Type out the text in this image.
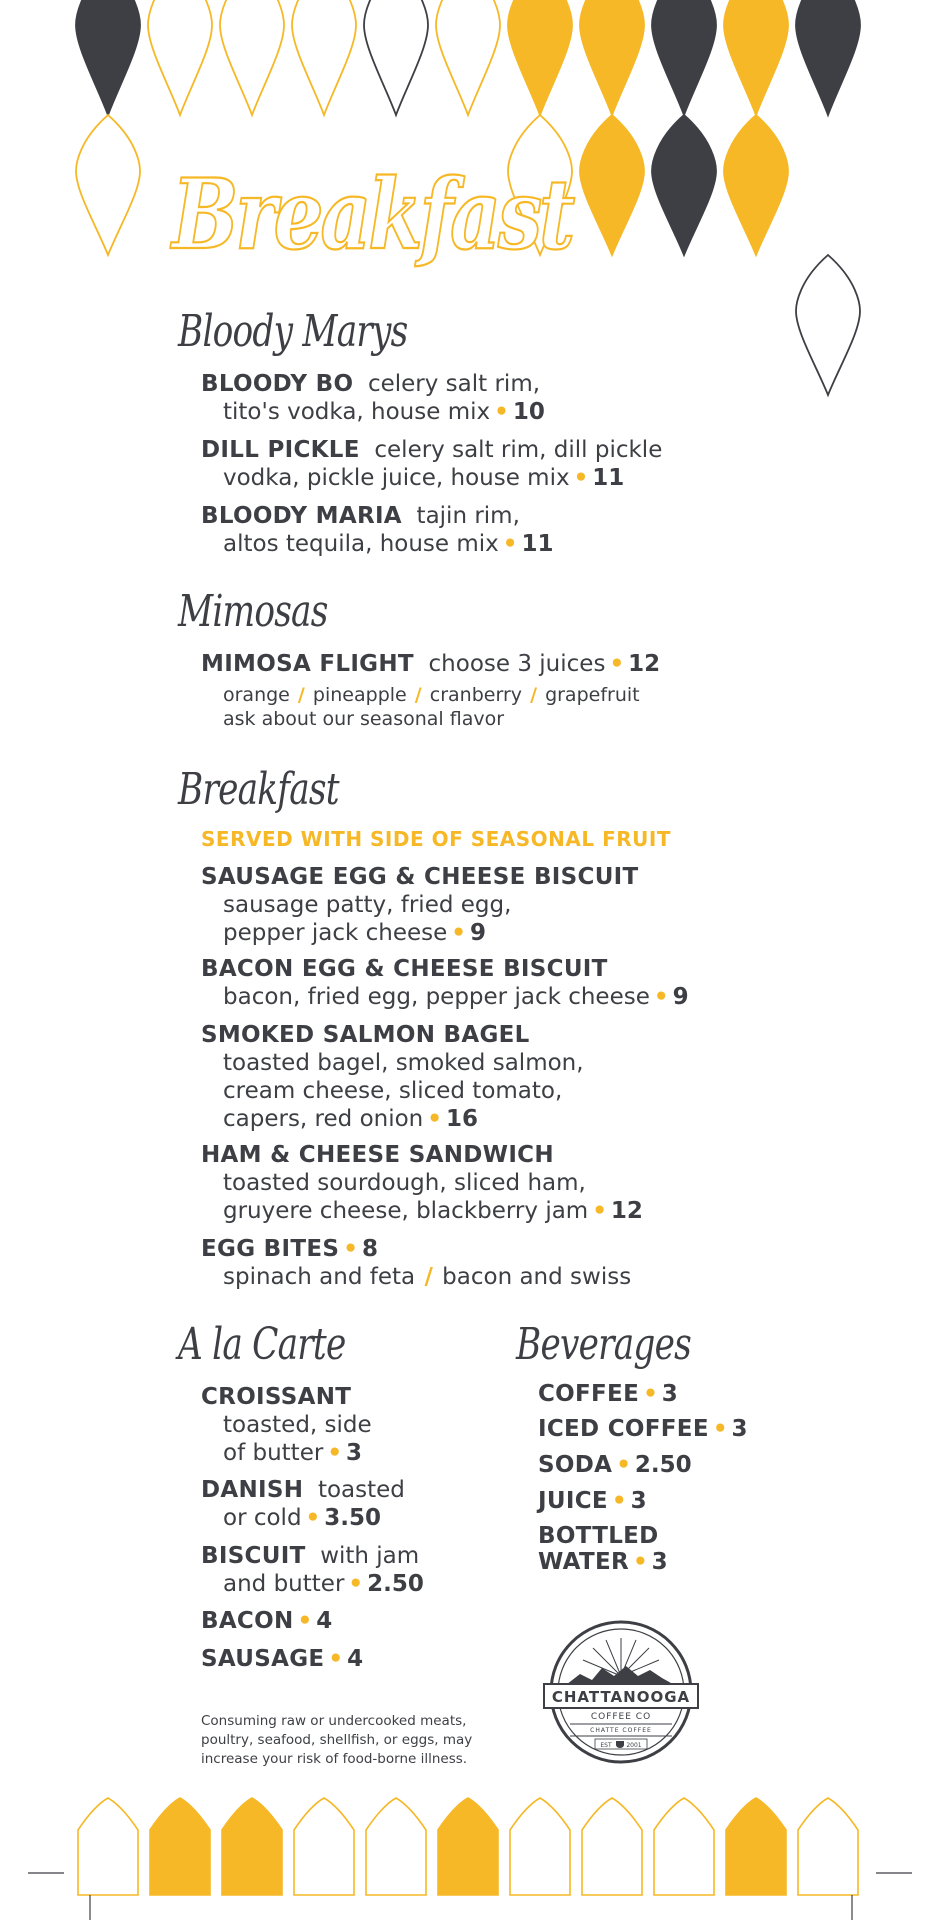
Breakfast
Bloody Marys
BLOODY BO celery salt rim,
tito's vodka, house mix • 10
DILL PICKLE celery salt rim, dill pickle
vodka, pickle juice, house mix • 11
BLOODY MARIA tajin rim,
altos tequila, house mix • 11
Mimosas
MIMOSA FLIGHT choose 3 juices • 12
orange / pineapple / cranberry / grapefruit
ask about our seasonal flavor
Breakfast
SERVED WITH SIDE OF SEASONAL FRUIT
SAUSAGE EGG & CHEESE BISCUIT
sausage patty, fried egg,
pepper jack cheese • 9
BACON EGG & CHEESE BISCUIT
bacon, fried egg, pepper jack cheese • 9
SMOKED SALMON BAGEL
toasted bagel, smoked salmon,
cream cheese, sliced tomato,
capers, red onion • 16
HAM & CHEESE SANDWICH
toasted sourdough, sliced ham,
gruyere cheese, blackberry jam • 12
EGG BITES • 8
spinach and feta / bacon and swiss
A la Carte
CROISSANT
toasted, side
of butter • 3
DANISH toasted
or cold • 3.50
BISCUIT with jam
and butter • 2.50
BACON • 4
SAUSAGE • 4
Beverages
COFFEE • 3
ICED COFFEE • 3
SODA • 2.50
JUICE • 3
BOTTLED
WATER • 3
CHATTANOOGA
COFFEE CO
CHATTE COFFEE
EST 2001
Consuming raw or undercooked meats,
poultry, seafood, shellfish, or eggs, may
increase your risk of food-borne illness.
